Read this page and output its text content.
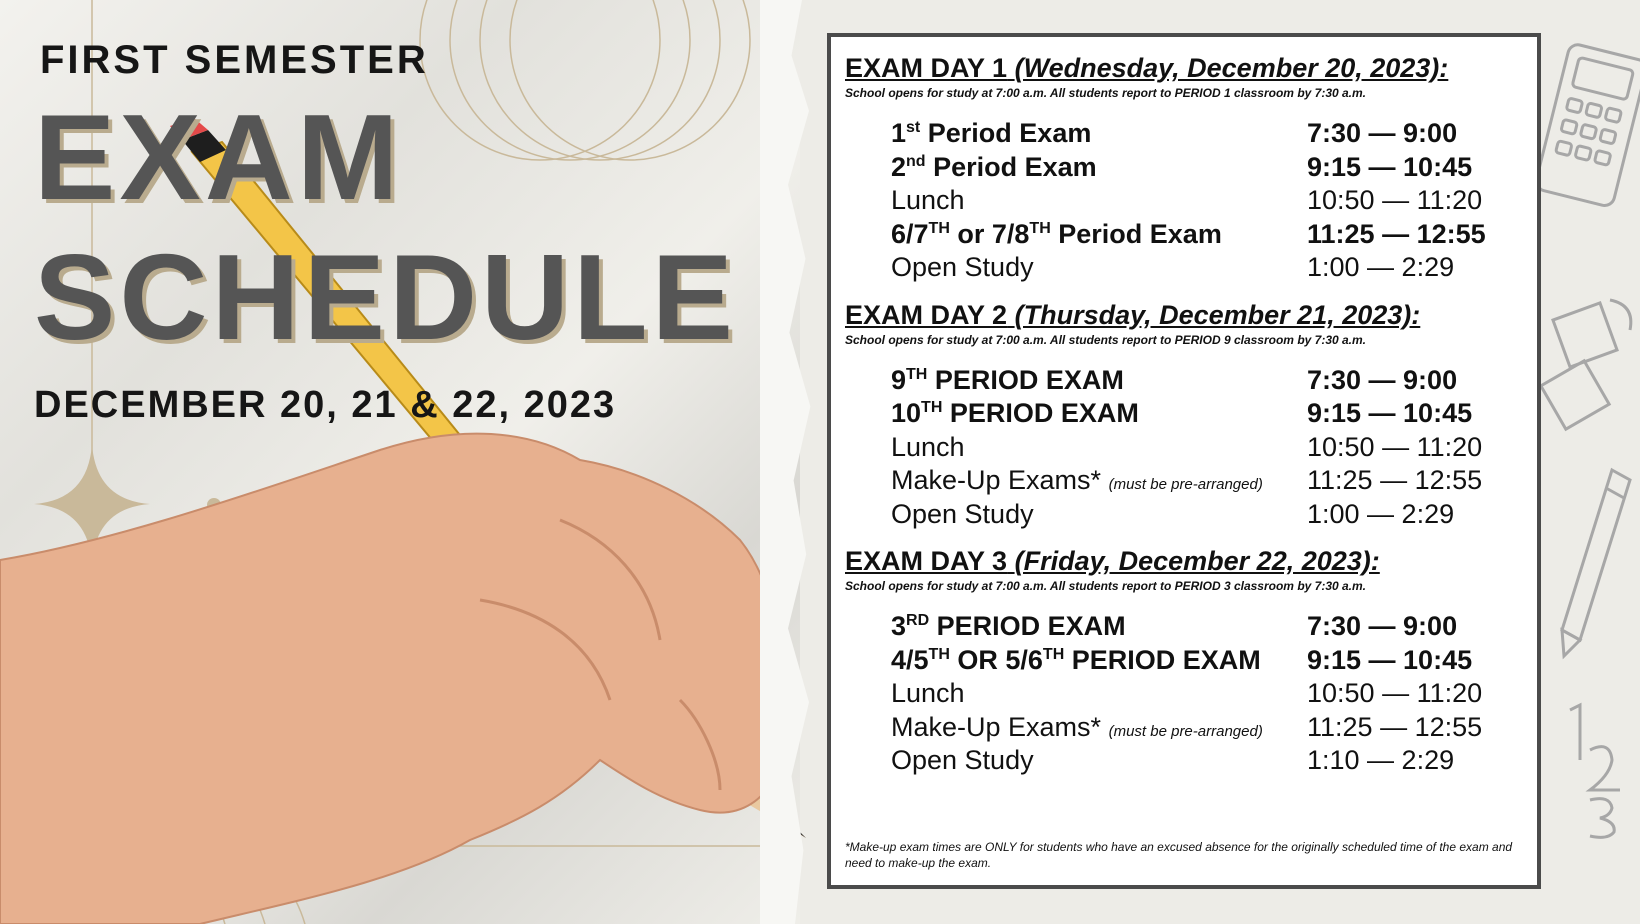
FIRST SEMESTER
EXAM
SCHEDULE
DECEMBER 20, 21 & 22, 2023
EXAM DAY 1 (Wednesday, December 20, 2023):
School opens for study at 7:00 a.m. All students report to PERIOD 1 classroom by 7:30 a.m.
1st Period Exam	7:30 — 9:00
2nd Period Exam	9:15 — 10:45
Lunch	10:50 — 11:20
6/7TH or 7/8TH Period Exam	11:25 — 12:55
Open Study	1:00 — 2:29
EXAM DAY 2 (Thursday, December 21, 2023):
School opens for study at 7:00 a.m. All students report to PERIOD 9 classroom by 7:30 a.m.
9TH PERIOD EXAM	7:30 — 9:00
10TH PERIOD EXAM	9:15 — 10:45
Lunch	10:50 — 11:20
Make-Up Exams* (must be pre-arranged)	11:25 — 12:55
Open Study	1:00 — 2:29
EXAM DAY 3 (Friday, December 22, 2023):
School opens for study at 7:00 a.m. All students report to PERIOD 3 classroom by 7:30 a.m.
3RD PERIOD EXAM	7:30 — 9:00
4/5TH OR 5/6TH PERIOD EXAM	9:15 — 10:45
Lunch	10:50 — 11:20
Make-Up Exams* (must be pre-arranged)	11:25 — 12:55
Open Study	1:10 — 2:29
*Make-up exam times are ONLY for students who have an excused absence for the originally scheduled time of the exam and need to make-up the exam.
